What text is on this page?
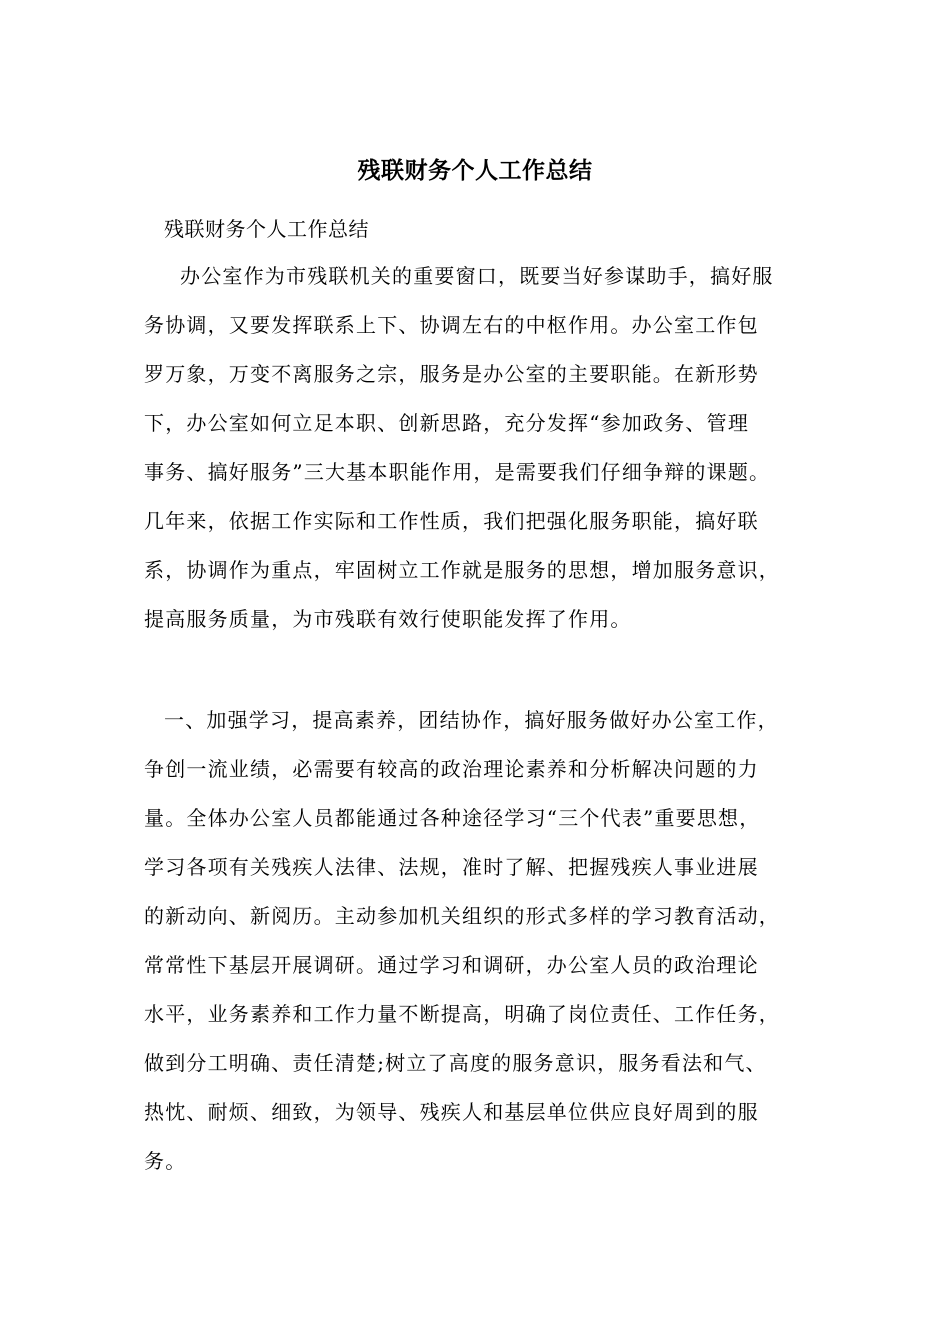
残联财务个人工作总结
残联财务个人工作总结
办公室作为市残联机关的重要窗口，既要当好参谋助手，搞好服
务协调，又要发挥联系上下、协调左右的中枢作用。办公室工作包
罗万象，万变不离服务之宗，服务是办公室的主要职能。在新形势
下，办公室如何立足本职、创新思路，充分发挥“参加政务、管理
事务、搞好服务”三大基本职能作用，是需要我们仔细争辩的课题。
几年来，依据工作实际和工作性质，我们把强化服务职能，搞好联
系，协调作为重点，牢固树立工作就是服务的思想，增加服务意识，
提高服务质量，为市残联有效行使职能发挥了作用。
一、加强学习，提高素养，团结协作，搞好服务做好办公室工作，
争创一流业绩，必需要有较高的政治理论素养和分析解决问题的力
量。全体办公室人员都能通过各种途径学习“三个代表”重要思想，
学习各项有关残疾人法律、法规，准时了解、把握残疾人事业进展
的新动向、新阅历。主动参加机关组织的形式多样的学习教育活动，
常常性下基层开展调研。通过学习和调研，办公室人员的政治理论
水平，业务素养和工作力量不断提高，明确了岗位责任、工作任务，
做到分工明确、责任清楚;树立了高度的服务意识，服务看法和气、
热忱、耐烦、细致，为领导、残疾人和基层单位供应良好周到的服
务。
